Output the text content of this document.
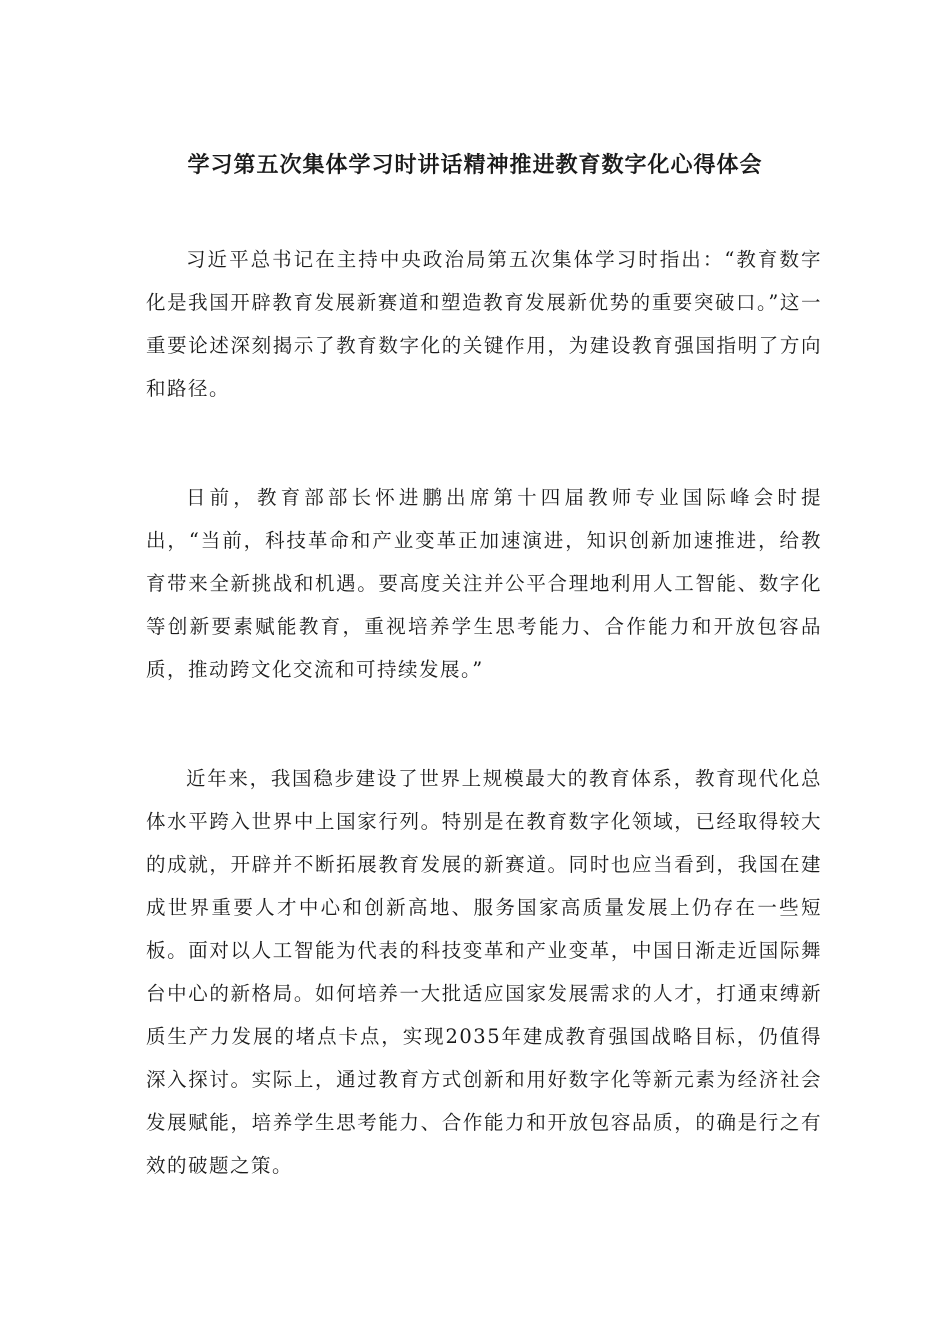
学习第五次集体学习时讲话精神推进教育数字化心得体会

习近平总书记在主持中央政治局第五次集体学习时指出：“教育数字化是我国开辟教育发展新赛道和塑造教育发展新优势的重要突破口。”这一重要论述深刻揭示了教育数字化的关键作用，为建设教育强国指明了方向和路径。

日前，教育部部长怀进鹏出席第十四届教师专业国际峰会时提出，“当前，科技革命和产业变革正加速演进，知识创新加速推进，给教育带来全新挑战和机遇。要高度关注并公平合理地利用人工智能、数字化等创新要素赋能教育，重视培养学生思考能力、合作能力和开放包容品质，推动跨文化交流和可持续发展。”

近年来，我国稳步建设了世界上规模最大的教育体系，教育现代化总体水平跨入世界中上国家行列。特别是在教育数字化领域，已经取得较大的成就，开辟并不断拓展教育发展的新赛道。同时也应当看到，我国在建成世界重要人才中心和创新高地、服务国家高质量发展上仍存在一些短板。面对以人工智能为代表的科技变革和产业变革，中国日渐走近国际舞台中心的新格局。如何培养一大批适应国家发展需求的人才，打通束缚新质生产力发展的堵点卡点，实现2035年建成教育强国战略目标，仍值得深入探讨。实际上，通过教育方式创新和用好数字化等新元素为经济社会发展赋能，培养学生思考能力、合作能力和开放包容品质，的确是行之有效的破题之策。
